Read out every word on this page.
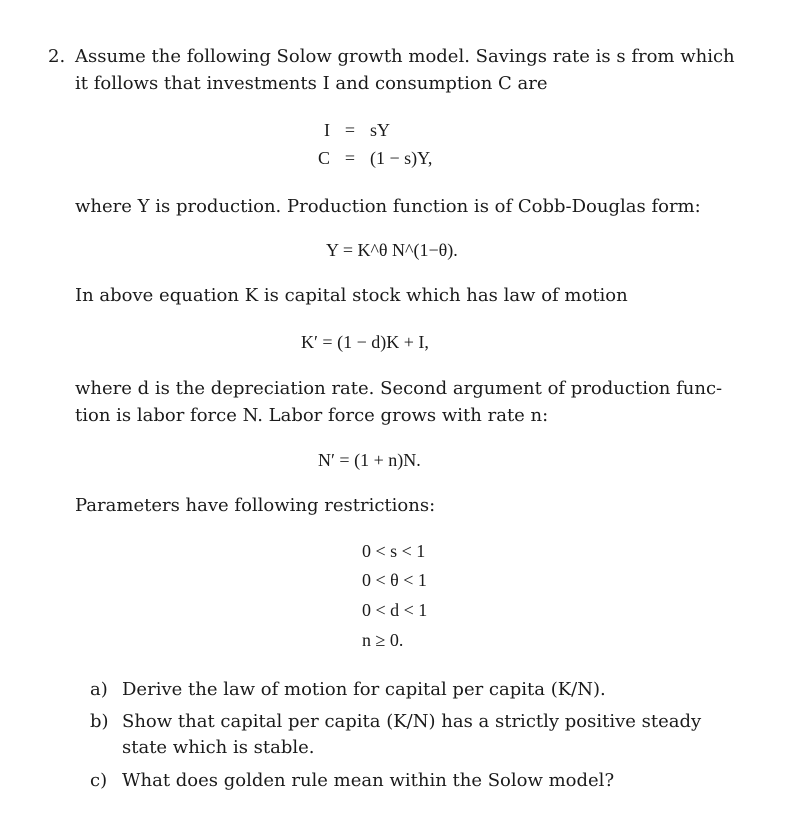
2. Assume the following Solow growth model. Savings rate is s from which
it follows that investments I and consumption C are
I = sY
C = (1 − s)Y,
where Y is production. Production function is of Cobb-Douglas form:
Y = K^θ N^(1−θ).
In above equation K is capital stock which has law of motion
K′ = (1 − d)K + I,
where d is the depreciation rate. Second argument of production func-
tion is labor force N. Labor force grows with rate n:
N′ = (1 + n)N.
Parameters have following restrictions:
0 < s < 1
0 < θ < 1
0 < d < 1
n ≥ 0.
a) Derive the law of motion for capital per capita (K/N).
b) Show that capital per capita (K/N) has a strictly positive steady
state which is stable.
c) What does golden rule mean within the Solow model?
